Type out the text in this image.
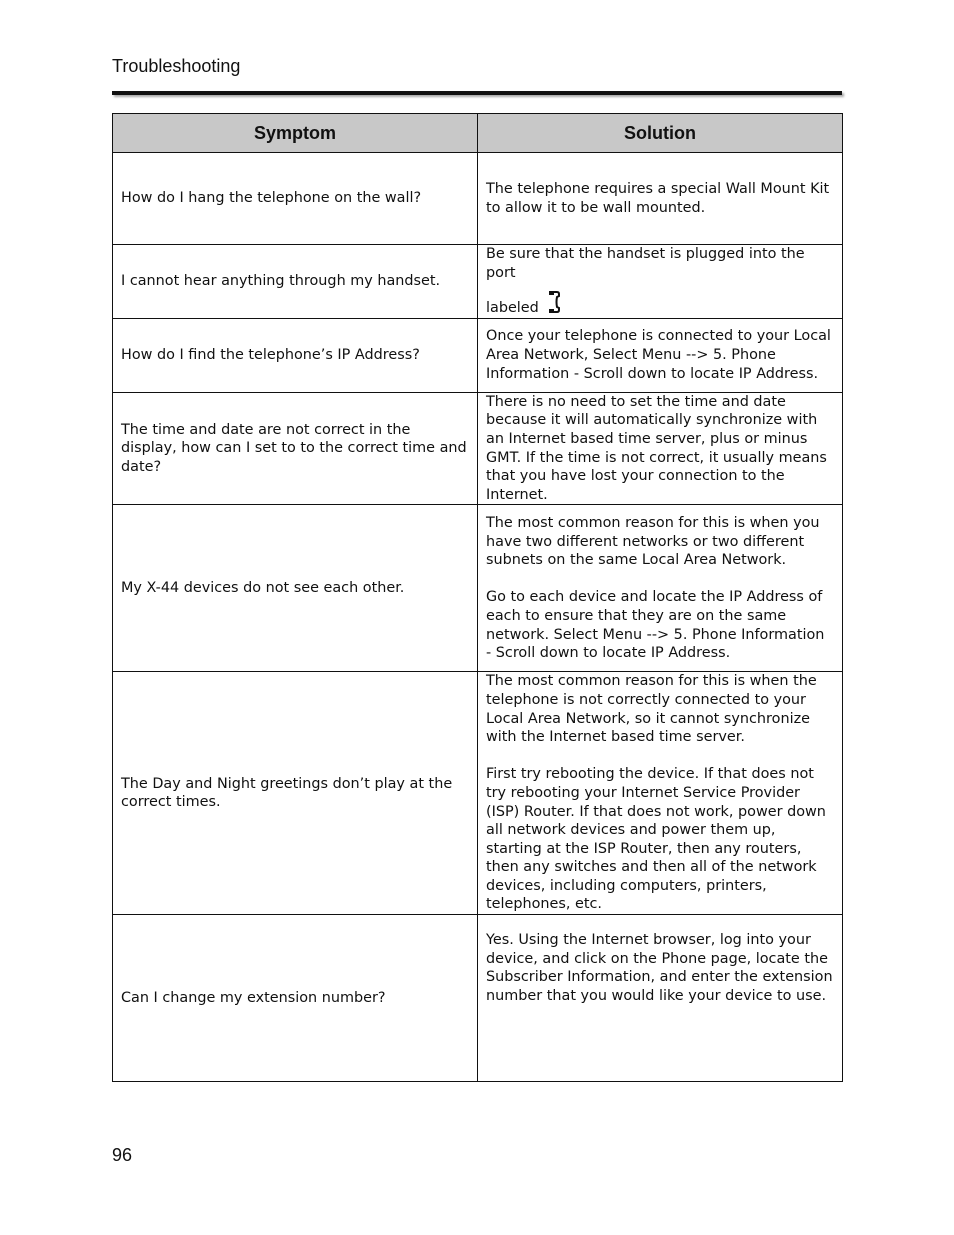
Troubleshooting
Symptom	Solution
How do I hang the telephone on the wall?	The telephone requires a special Wall Mount Kit to allow it to be wall mounted.

I cannot hear anything through my handset.	Be sure that the handset is plugged into the port
labeled
How do I find the telephone’s IP Address?	Once your telephone is connected to your Local Area Network, Select Menu --> 5. Phone Information - Scroll down to locate IP Address.

The time and date are not correct in the display, how can I set to to the correct time and date?	There is no need to set the time and date because it will automatically synchronize with an Internet based time server, plus or minus GMT. If the time is not correct, it usually means that you have lost your connection to the Internet.

My X-44 devices do not see each other.	The most common reason for this is when you have two different networks or two different subnets on the same Local Area Network.
Go to each device and locate the IP Address of each to ensure that they are on the same network. Select Menu --> 5. Phone Information - Scroll down to locate IP Address.

The Day and Night greetings don’t play at the correct times.	The most common reason for this is when the telephone is not correctly connected to your Local Area Network, so it cannot synchronize with the Internet based time server.
First try rebooting the device. If that does not try rebooting your Internet Service Provider (ISP) Router. If that does not work, power down all network devices and power them up, starting at the ISP Router, then any routers, then any switches and then all of the network devices, including computers, printers, telephones, etc.

Can I change my extension number?	Yes. Using the Internet browser, log into your device, and click on the Phone page, locate the Subscriber Information, and enter the extension number that you would like your device to use.
96
